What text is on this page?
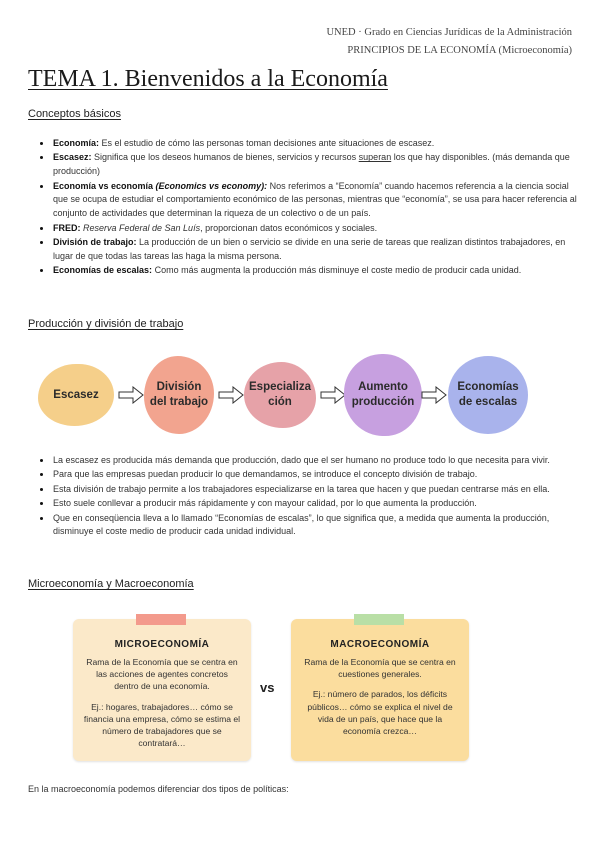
UNED · Grado en Ciencias Jurídicas de la Administración
PRINCIPIOS DE LA ECONOMÍA (Microeconomía)
TEMA 1. Bienvenidos a la Economía
Conceptos básicos
• Economía: Es el estudio de cómo las personas toman decisiones ante situaciones de escasez.
• Escasez: Significa que los deseos humanos de bienes, servicios y recursos superan los que hay disponibles. (más demanda que producción)
• Economía vs economía (Economics vs economy): Nos referimos a “Economía” cuando hacemos referencia a la ciencia social que se ocupa de estudiar el comportamiento económico de las personas, mientras que “economía”, se usa para hacer referencia al conjunto de actividades que determinan la riqueza de un colectivo o de un país.
• FRED: Reserva Federal de San Luís, proporcionan datos económicos y sociales.
• División de trabajo: La producción de un bien o servicio se divide en una serie de tareas que realizan distintos trabajadores, en lugar de que todas las tareas las haga la misma persona.
• Economías de escalas: Como más augmenta la producción más disminuye el coste medio de producir cada unidad.
Producción y división de trabajo
Escasez
División del trabajo
Especialización
Aumento producción
Economías de escalas
• La escasez es producida más demanda que producción, dado que el ser humano no produce todo lo que necesita para vivir.
• Para que las empresas puedan producir lo que demandamos, se introduce el concepto división de trabajo.
• Esta división de trabajo permite a los trabajadores especializarse en la tarea que hacen y que puedan centrarse más en ella.
• Esto suele conllevar a producir más rápidamente y con mayour calidad, por lo que aumenta la producción.
• Que en conseqüencia lleva a lo llamado “Economías de escalas”, lo que significa que, a medida que aumenta la producción, disminuye el coste medio de producir cada unidad individual.
Microeconomía y Macroeconomía
MICROECONOMÍA

Rama de la Economía que se centra en las acciones de agentes concretos dentro de una economía.

Ej.: hogares, trabajadores… cómo se financia una empresa, cómo se estima el número de trabajadores que se contratará…

vs
MACROECONOMÍA

Rama de la Economía que se centra en cuestiones generales.

Ej.: número de parados, los déficits públicos… cómo se explica el nivel de vida de un país, que hace que la economía crezca…

En la macroeconomía podemos diferenciar dos tipos de políticas:
